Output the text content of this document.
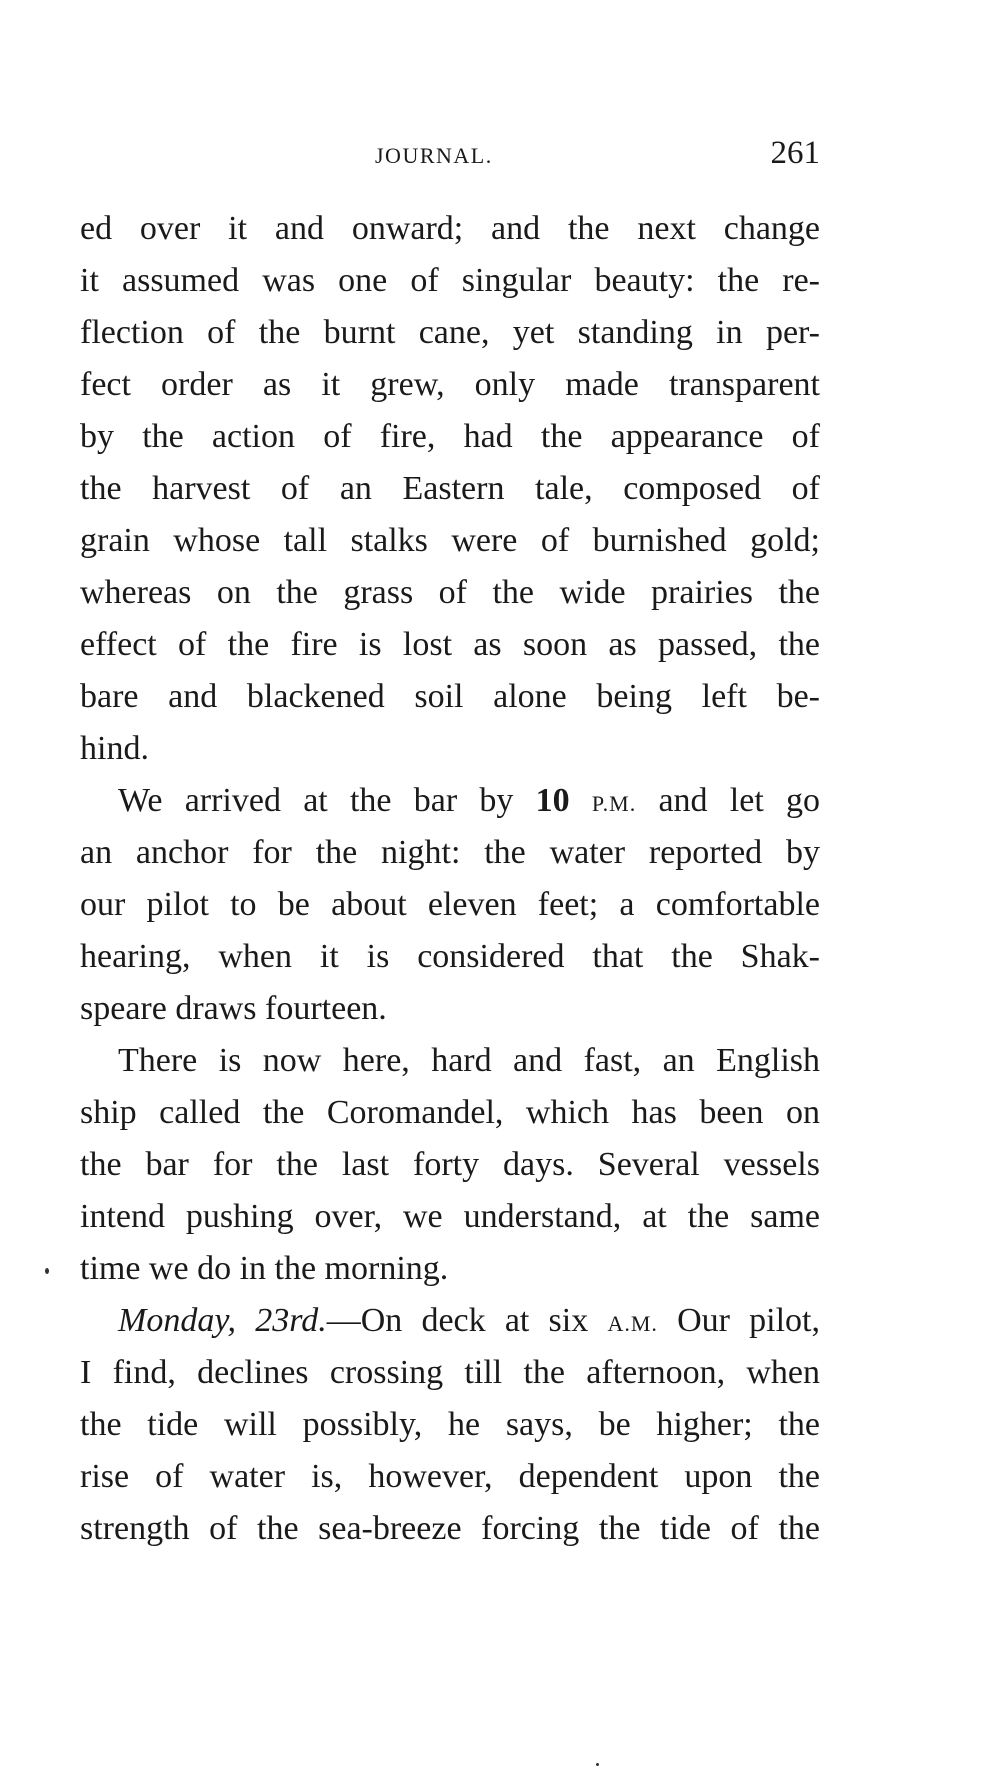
JOURNAL.	261
ed over it and onward; and the next change
it assumed was one of singular beauty: the re-
flection of the burnt cane, yet standing in per-
fect order as it grew, only made transparent
by the action of fire, had the appearance of
the harvest of an Eastern tale, composed of
grain whose tall stalks were of burnished gold;
whereas on the grass of the wide prairies the
effect of the fire is lost as soon as passed, the
bare and blackened soil alone being left be-
hind.
We arrived at the bar by 10 P.M. and let go
an anchor for the night: the water reported by
our pilot to be about eleven feet; a comfortable
hearing, when it is considered that the Shak-
speare draws fourteen.
There is now here, hard and fast, an English
ship called the Coromandel, which has been on
the bar for the last forty days. Several vessels
intend pushing over, we understand, at the same
time we do in the morning.
Monday, 23rd.—On deck at six A.M. Our pilot,
I find, declines crossing till the afternoon, when
the tide will possibly, he says, be higher; the
rise of water is, however, dependent upon the
strength of the sea-breeze forcing the tide of the
